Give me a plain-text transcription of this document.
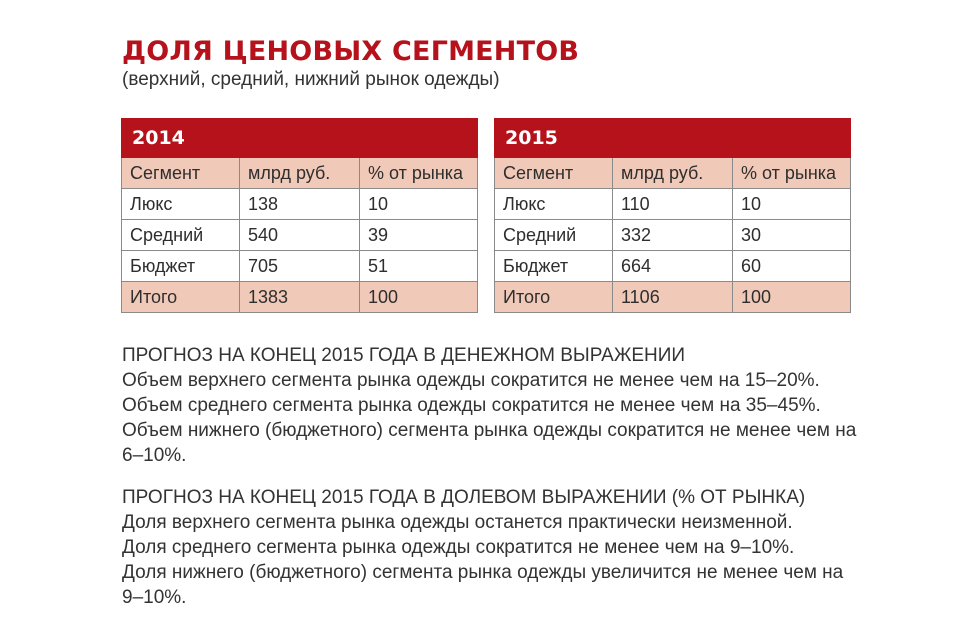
ДОЛЯ ЦЕНОВЫХ СЕГМЕНТОВ
(верхний, средний, нижний рынок одежды)
2014		
Сегмент	млрд руб.	% от рынка
Люкс	138	10
Средний	540	39
Бюджет	705	51
Итого	1383	100
2015		
Сегмент	млрд руб.	% от рынка
Люкс	110	10
Средний	332	30
Бюджет	664	60
Итого	1106	100

ПРОГНОЗ НА КОНЕЦ 2015 ГОДА В ДЕНЕЖНОМ ВЫРАЖЕНИИ

Объем верхнего сегмента рынка одежды сократится не менее чем на 15–20%.

Объем среднего сегмента рынка одежды сократится не менее чем на 35–45%.

Объем нижнего (бюджетного) сегмента рынка одежды сократится не менее чем на 6–10%.

ПРОГНОЗ НА КОНЕЦ 2015 ГОДА В ДОЛЕВОМ ВЫРАЖЕНИИ (% ОТ РЫНКА)

Доля верхнего сегмента рынка одежды останется практически неизменной.

Доля среднего сегмента рынка одежды сократится не менее чем на 9–10%.

Доля нижнего (бюджетного) сегмента рынка одежды увеличится не менее чем на 9–10%.
